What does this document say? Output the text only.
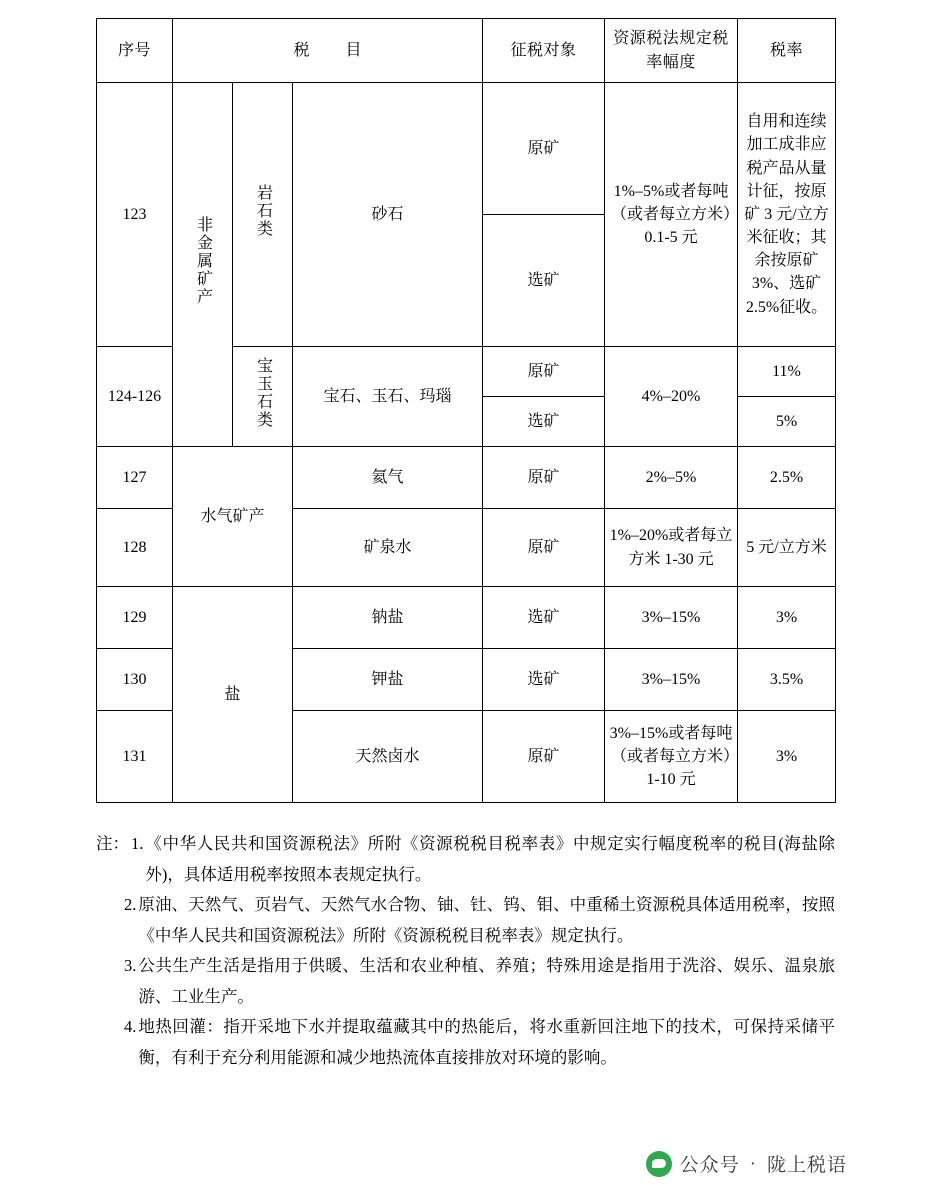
序号	税　目			征税对象	资源税法规定税率幅度	税率
123	非金属矿产	岩石类	砂石	原矿	1%–5%或者每吨（或者每立方米）0.1-5 元	自用和连续加工成非应税产品从量计征，按原矿 3 元/立方米征收；其余按原矿 3%、选矿 2.5%征收。
				选矿		
124-126		宝玉石类	宝石、玉石、玛瑙	原矿	4%–20%	11%
				选矿		5%
127	水气矿产		氦气	原矿	2%–5%	2.5%
128			矿泉水	原矿	1%–20%或者每立方米 1-30 元	5 元/立方米
129	盐		钠盐	选矿	3%–15%	3%
130			钾盐	选矿	3%–15%	3.5%
131			天然卤水	原矿	3%–15%或者每吨（或者每立方米）1-10 元	3%
注： 1. 《中华人民共和国资源税法》所附《资源税税目税率表》中规定实行幅度税率的税目(海盐除外)，具体适用税率按照本表规定执行。
2. 原油、天然气、页岩气、天然气水合物、铀、钍、钨、钼、中重稀土资源税具体适用税率，按照《中华人民共和国资源税法》所附《资源税税目税率表》规定执行。
3. 公共生产生活是指用于供暖、生活和农业种植、养殖；特殊用途是指用于洗浴、娱乐、温泉旅游、工业生产。
4. 地热回灌：指开采地下水并提取蕴藏其中的热能后，将水重新回注地下的技术，可保持采储平衡，有利于充分利用能源和减少地热流体直接排放对环境的影响。
公众号 · 陇上税语
